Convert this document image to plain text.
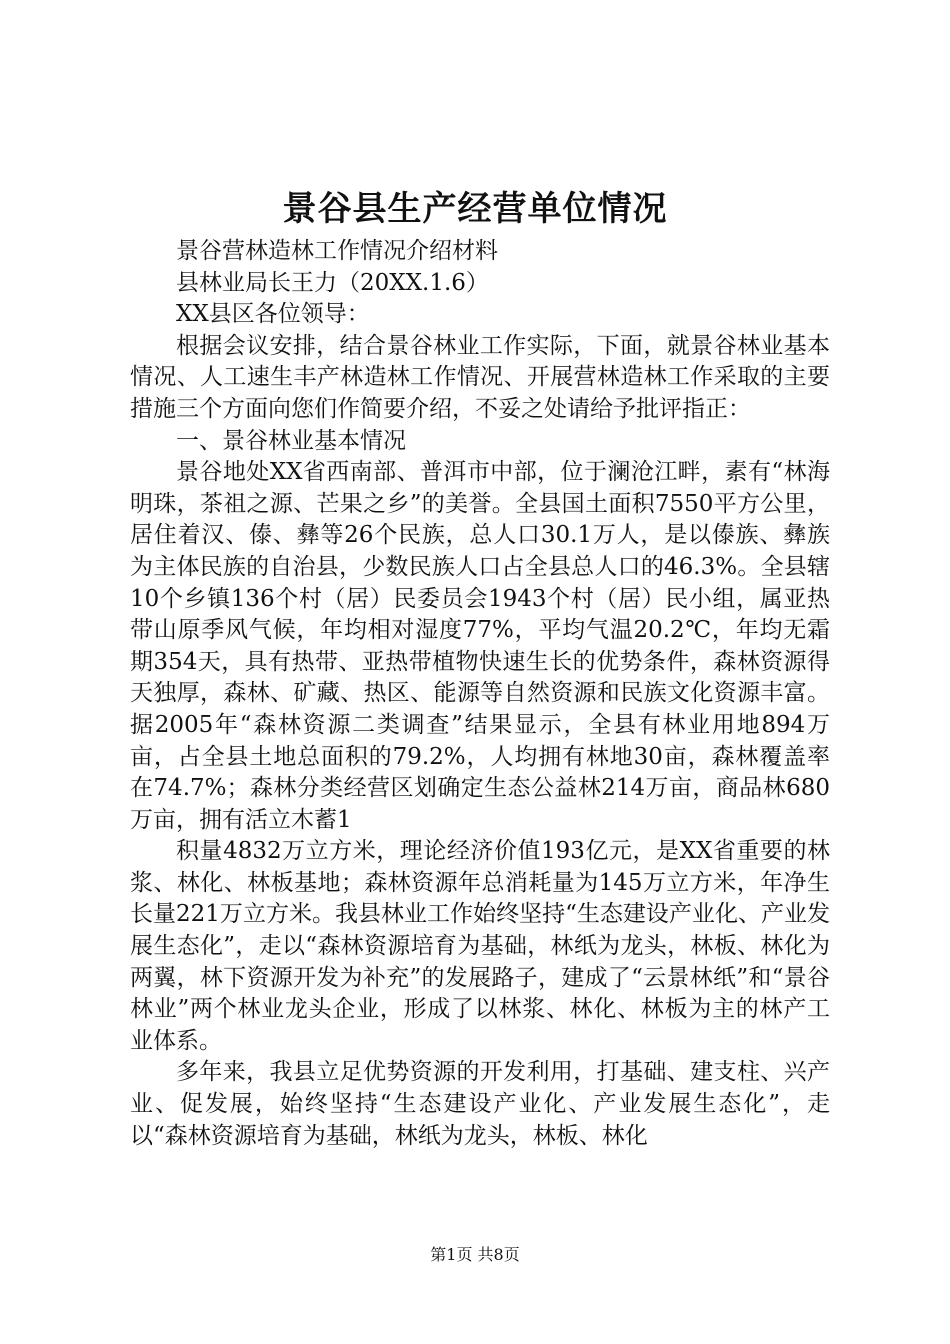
景谷县生产经营单位情况

景谷营林造林工作情况介绍材料

县林业局长王力（20XX.1.6）

XX县区各位领导：

根据会议安排，结合景谷林业工作实际，下面，就景谷林业基本情况、人工速生丰产林造林工作情况、开展营林造林工作采取的主要措施三个方面向您们作简要介绍，不妥之处请给予批评指正：

一、景谷林业基本情况

景谷地处XX省西南部、普洱市中部，位于澜沧江畔，素有“林海明珠，茶祖之源、芒果之乡”的美誉。全县国土面积7550平方公里，居住着汉、傣、彝等26个民族，总人口30.1万人，是以傣族、彝族为主体民族的自治县，少数民族人口占全县总人口的46.3%。全县辖10个乡镇136个村（居）民委员会1943个村（居）民小组，属亚热带山原季风气候，年均相对湿度77%，平均气温20.2℃，年均无霜期354天，具有热带、亚热带植物快速生长的优势条件，森林资源得天独厚，森林、矿藏、热区、能源等自然资源和民族文化资源丰富。据2005年“森林资源二类调查”结果显示，全县有林业用地894万亩，占全县土地总面积的79.2%，人均拥有林地30亩，森林覆盖率在74.7%；森林分类经营区划确定生态公益林214万亩，商品林680万亩，拥有活立木蓄1

积量4832万立方米，理论经济价值193亿元，是XX省重要的林浆、林化、林板基地；森林资源年总消耗量为145万立方米，年净生长量221万立方米。我县林业工作始终坚持“生态建设产业化、产业发展生态化”，走以“森林资源培育为基础，林纸为龙头，林板、林化为两翼，林下资源开发为补充”的发展路子，建成了“云景林纸”和“景谷林业”两个林业龙头企业，形成了以林浆、林化、林板为主的林产工业体系。

多年来，我县立足优势资源的开发利用，打基础、建支柱、兴产业、促发展，始终坚持“生态建设产业化、产业发展生态化”，走以“森林资源培育为基础，林纸为龙头，林板、林化

第1页 共8页
